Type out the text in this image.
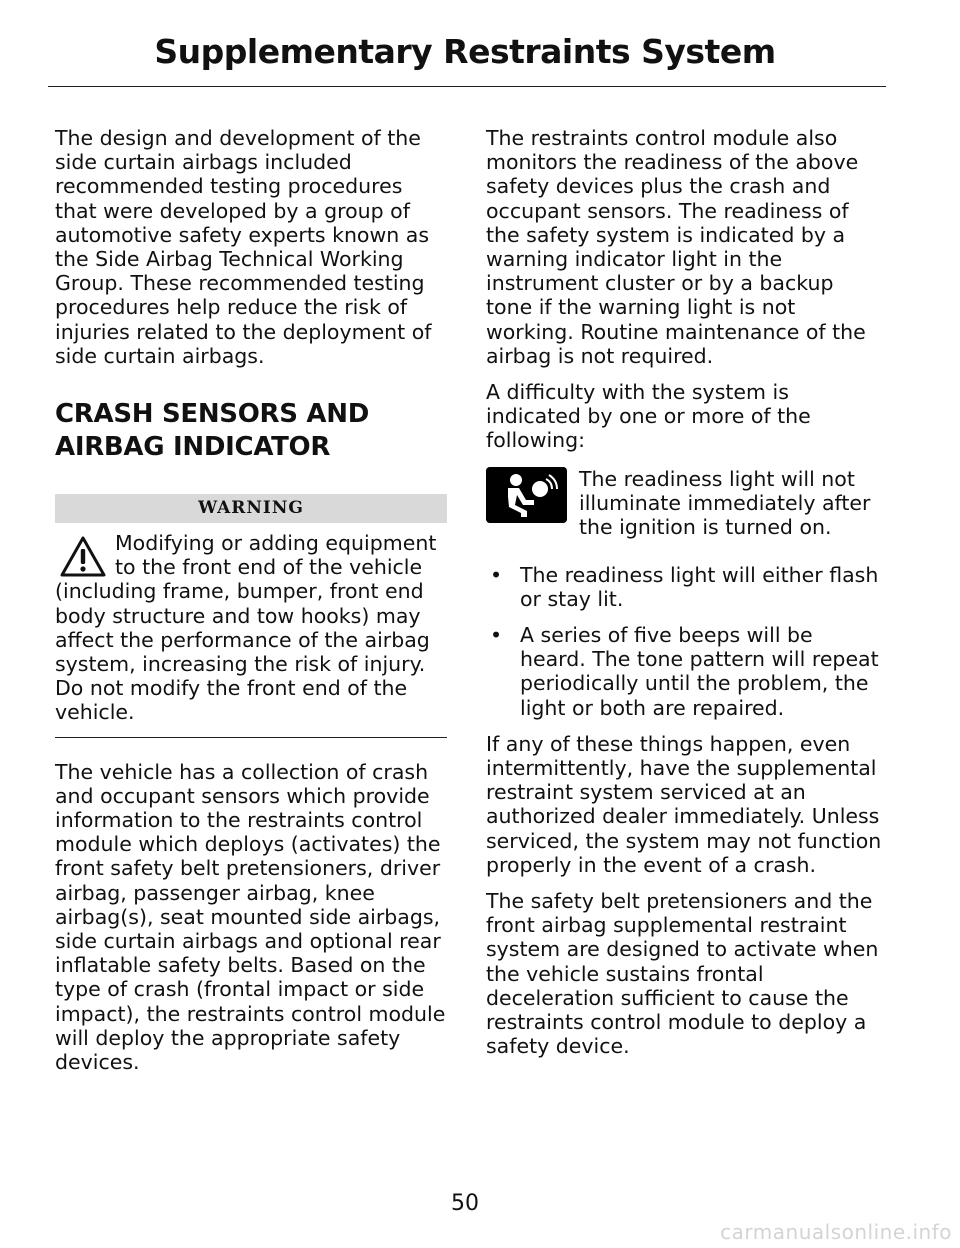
Supplementary Restraints System

The design and development of the side curtain airbags included recommended testing procedures that were developed by a group of automotive safety experts known as the Side Airbag Technical Working Group. These recommended testing procedures help reduce the risk of injuries related to the deployment of side curtain airbags.

CRASH SENSORS AND AIRBAG INDICATOR
WARNING

Modifying or adding equipment to the front end of the vehicle (including frame, bumper, front end body structure and tow hooks) may affect the performance of the airbag system, increasing the risk of injury. Do not modify the front end of the vehicle.

The vehicle has a collection of crash and occupant sensors which provide information to the restraints control module which deploys (activates) the front safety belt pretensioners, driver airbag, passenger airbag, knee airbag(s), seat mounted side airbags, side curtain airbags and optional rear inflatable safety belts. Based on the type of crash (frontal impact or side impact), the restraints control module will deploy the appropriate safety devices.

The restraints control module also monitors the readiness of the above safety devices plus the crash and occupant sensors. The readiness of the safety system is indicated by a warning indicator light in the instrument cluster or by a backup tone if the warning light is not working. Routine maintenance of the airbag is not required.

A difficulty with the system is indicated by one or more of the following:

The readiness light will not illuminate immediately after the ignition is turned on.

• The readiness light will either flash or stay lit.
• A series of five beeps will be heard. The tone pattern will repeat periodically until the problem, the light or both are repaired.

If any of these things happen, even intermittently, have the supplemental restraint system serviced at an authorized dealer immediately. Unless serviced, the system may not function properly in the event of a crash.

The safety belt pretensioners and the front airbag supplemental restraint system are designed to activate when the vehicle sustains frontal deceleration sufficient to cause the restraints control module to deploy a safety device.

50
carmanualsonline.info
